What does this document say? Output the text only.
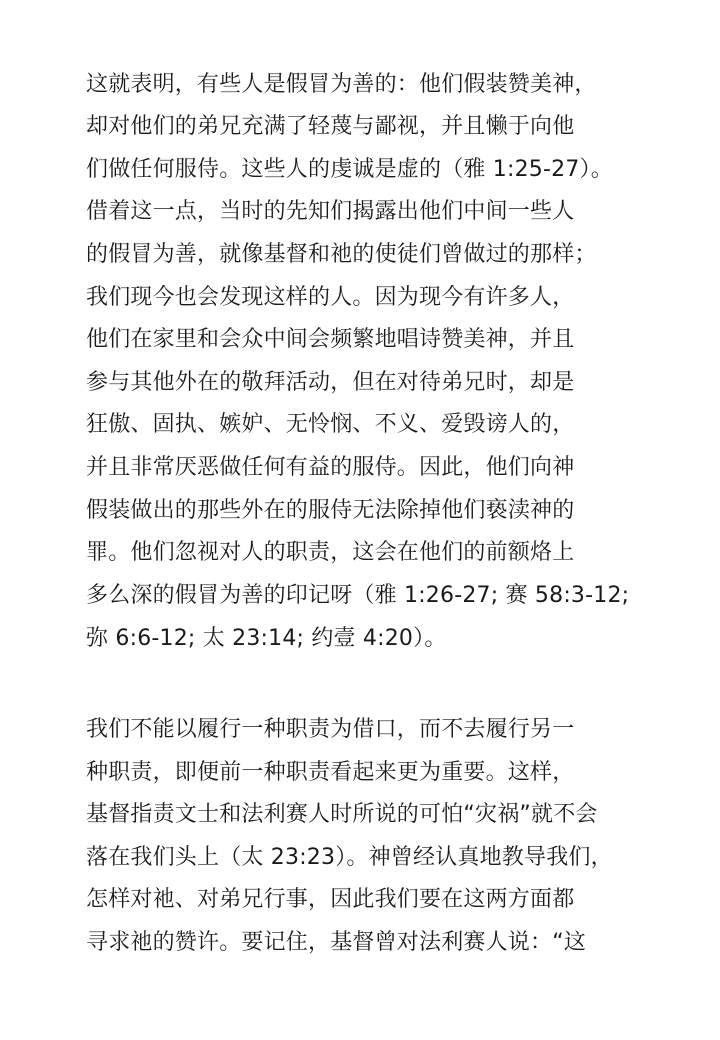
这就表明，有些人是假冒为善的：他们假装赞美神，
却对他们的弟兄充满了轻蔑与鄙视，并且懒于向他
们做任何服侍。这些人的虔诚是虚的（雅 1:25-27）。
借着这一点，当时的先知们揭露出他们中间一些人
的假冒为善，就像基督和祂的使徒们曾做过的那样；
我们现今也会发现这样的人。因为现今有许多人，
他们在家里和会众中间会频繁地唱诗赞美神，并且
参与其他外在的敬拜活动，但在对待弟兄时，却是
狂傲、固执、嫉妒、无怜悯、不义、爱毁谤人的，
并且非常厌恶做任何有益的服侍。因此，他们向神
假装做出的那些外在的服侍无法除掉他们亵渎神的
罪。他们忽视对人的职责，这会在他们的前额烙上
多么深的假冒为善的印记呀（雅 1:26-27; 赛 58:3-12;
弥 6:6-12; 太 23:14; 约壹 4:20）。
我们不能以履行一种职责为借口，而不去履行另一
种职责，即便前一种职责看起来更为重要。这样，
基督指责文士和法利赛人时所说的可怕“灾祸”就不会
落在我们头上（太 23:23）。神曾经认真地教导我们，
怎样对祂、对弟兄行事，因此我们要在这两方面都
寻求祂的赞许。要记住，基督曾对法利赛人说：“这
